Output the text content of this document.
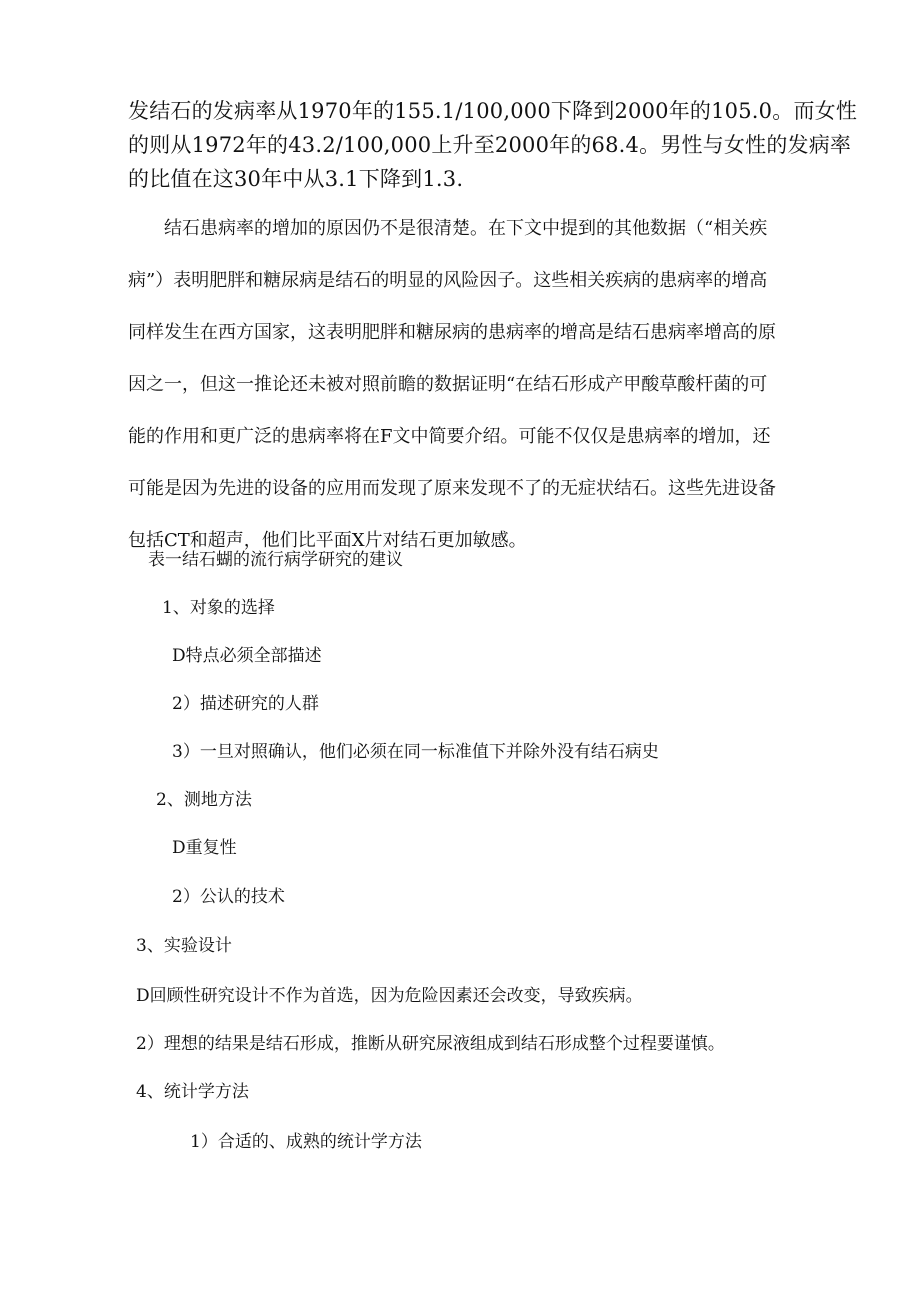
发结石的发病率从1970年的155.1/100,000下降到2000年的105.0。而女性
的则从1972年的43.2/100,000上升至2000年的68.4。男性与女性的发病率
的比值在这30年中从3.1下降到1.3.

结石患病率的增加的原因仍不是很清楚。在下文中提到的其他数据（“相关疾
病”）表明肥胖和糖尿病是结石的明显的风险因子。这些相关疾病的患病率的增高
同样发生在西方国家，这表明肥胖和糖尿病的患病率的增高是结石患病率增高的原
因之一，但这一推论还未被对照前瞻的数据证明“在结石形成产甲酸草酸杆菌的可
能的作用和更广泛的患病率将在F文中简要介绍。可能不仅仅是患病率的增加，还
可能是因为先进的设备的应用而发现了原来发现不了的无症状结石。这些先进设备
包括CT和超声，他们比平面X片对结石更加敏感。

表一结石蝴的流行病学研究的建议
1、对象的选择
D特点必须全部描述
2）描述研究的人群
3）一旦对照确认，他们必须在同一标准值下并除外没有结石病史
2、测地方法
D重复性
2）公认的技术
3、实验设计
D回顾性研究设计不作为首选，因为危险因素还会改变，导致疾病。
2）理想的结果是结石形成，推断从研究尿液组成到结石形成整个过程要谨慎。
4、统计学方法
1）合适的、成熟的统计学方法
